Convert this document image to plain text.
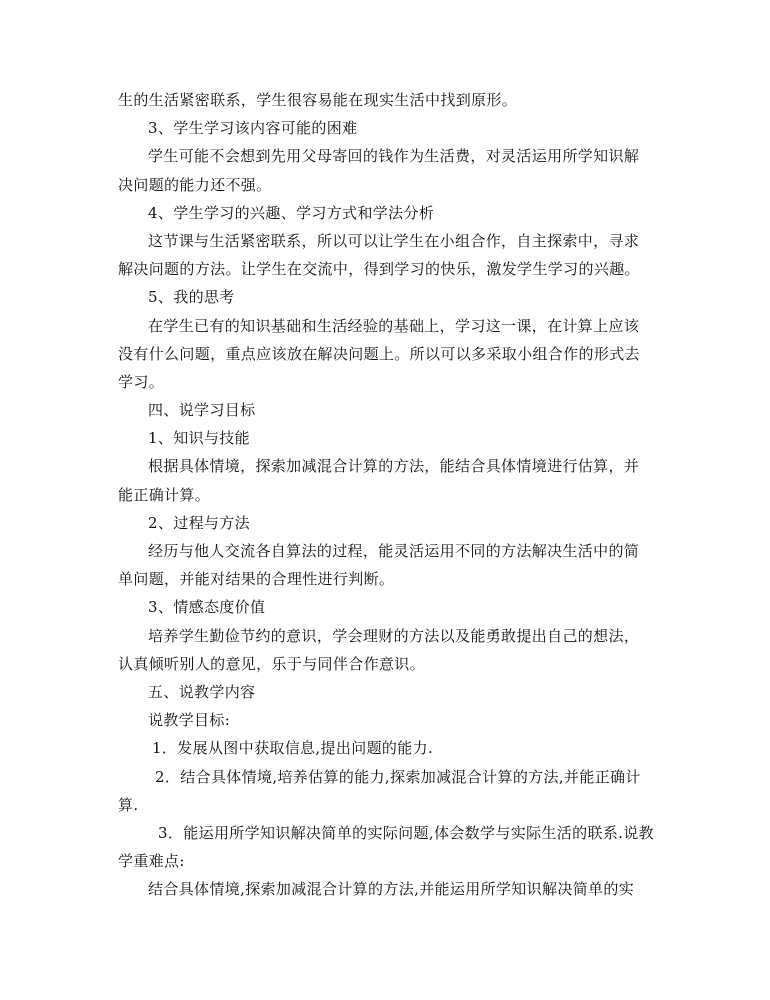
生的生活紧密联系，学生很容易能在现实生活中找到原形。
3、学生学习该内容可能的困难
学生可能不会想到先用父母寄回的钱作为生活费，对灵活运用所学知识解
决问题的能力还不强。
4、学生学习的兴趣、学习方式和学法分析
这节课与生活紧密联系，所以可以让学生在小组合作，自主探索中，寻求
解决问题的方法。让学生在交流中，得到学习的快乐，激发学生学习的兴趣。
5、我的思考
在学生已有的知识基础和生活经验的基础上，学习这一课，在计算上应该
没有什么问题，重点应该放在解决问题上。所以可以多采取小组合作的形式去
学习。
四、说学习目标
1、知识与技能
根据具体情境，探索加减混合计算的方法，能结合具体情境进行估算，并
能正确计算。
2、过程与方法
经历与他人交流各自算法的过程，能灵活运用不同的方法解决生活中的简
单问题，并能对结果的合理性进行判断。
3、情感态度价值
培养学生勤俭节约的意识，学会理财的方法以及能勇敢提出自己的想法，
认真倾听别人的意见，乐于与同伴合作意识。
五、说教学内容
说教学目标:
1．发展从图中获取信息,提出问题的能力.
2．结合具体情境,培养估算的能力,探索加减混合计算的方法,并能正确计
算.
3．能运用所学知识解决简单的实际问题,体会数学与实际生活的联系.说教
学重难点:
结合具体情境,探索加减混合计算的方法,并能运用所学知识解决简单的实
